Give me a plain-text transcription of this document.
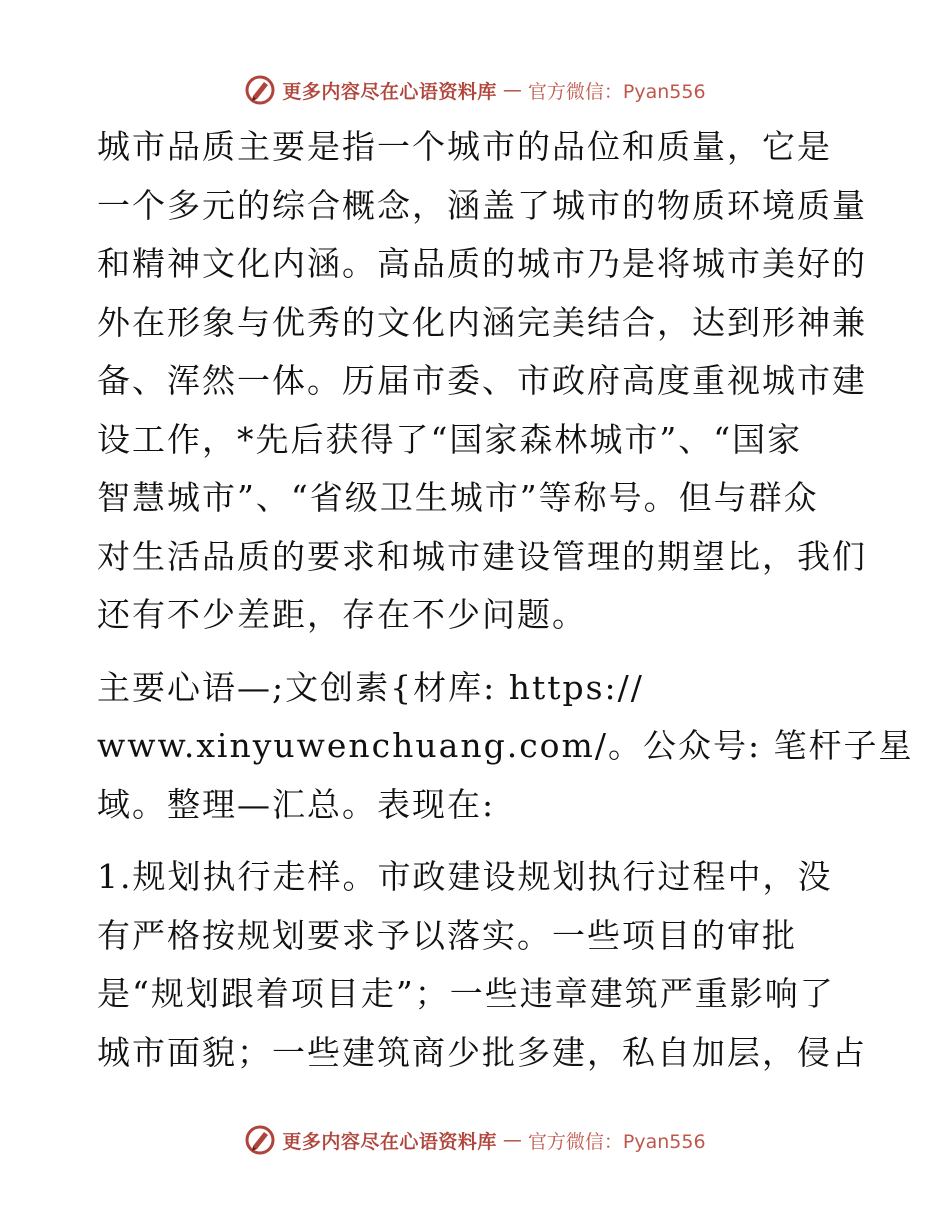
更多内容尽在心语资料库 — 官方微信：Pyan556
城市品质主要是指一个城市的品位和质量，它是
一个多元的综合概念，涵盖了城市的物质环境质量
和精神文化内涵。高品质的城市乃是将城市美好的
外在形象与优秀的文化内涵完美结合，达到形神兼
备、浑然一体。历届市委、市政府高度重视城市建
设工作，*先后获得了“国家森林城市”、“国家
智慧城市”、“省级卫生城市”等称号。但与群众
对生活品质的要求和城市建设管理的期望比，我们
还有不少差距，存在不少问题。
主要心语—;文创素{材库: https://
www.xinyuwenchuang.com/。公众号: 笔杆子星
域。整理—汇总。表现在:
1.规划执行走样。市政建设规划执行过程中，没
有严格按规划要求予以落实。一些项目的审批
是“规划跟着项目走”；一些违章建筑严重影响了
城市面貌；一些建筑商少批多建，私自加层，侵占
更多内容尽在心语资料库 — 官方微信：Pyan556
